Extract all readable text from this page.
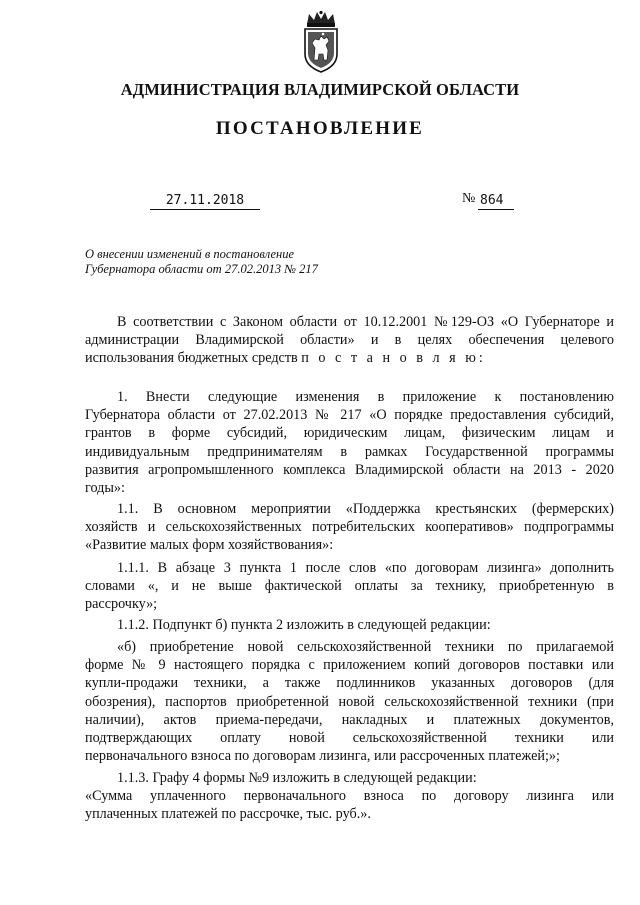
АДМИНИСТРАЦИЯ ВЛАДИМИРСКОЙ ОБЛАСТИ
ПОСТАНОВЛЕНИЕ
27.11.2018	№ 864
О внесении изменений в постановление
Губернатора области от 27.02.2013 № 217
В соответствии с Законом области от 10.12.2001 №129-ОЗ «О Губернаторе и
администрации Владимирской области» и в целях обеспечения целевого
использования бюджетных средств п о с т а н о в л я ю:
1. Внести следующие изменения в приложение к постановлению
Губернатора области от 27.02.2013 № 217 «О порядке предоставления субсидий,
грантов в форме субсидий, юридическим лицам, физическим лицам и
индивидуальным предпринимателям в рамках Государственной программы
развития агропромышленного комплекса Владимирской области на 2013 - 2020
годы»:
1.1. В основном мероприятии «Поддержка крестьянских (фермерских)
хозяйств и сельскохозяйственных потребительских кооперативов» подпрограммы
«Развитие малых форм хозяйствования»:
1.1.1. В абзаце 3 пункта 1 после слов «по договорам лизинга» дополнить
словами «, и не выше фактической оплаты за технику, приобретенную в
рассрочку»;
1.1.2. Подпункт б) пункта 2 изложить в следующей редакции:
«б) приобретение новой сельскохозяйственной техники по прилагаемой
форме № 9 настоящего порядка с приложением копий договоров поставки или
купли-продажи техники, а также подлинников указанных договоров (для
обозрения), паспортов приобретенной новой сельскохозяйственной техники (при
наличии), актов приема-передачи, накладных и платежных документов,
подтверждающих оплату новой сельскохозяйственной техники или
первоначального взноса по договорам лизинга, или рассроченных платежей;»;
1.1.3. Графу 4 формы №9 изложить в следующей редакции:
«Сумма уплаченного первоначального взноса по договору лизинга или
уплаченных платежей по рассрочке, тыс. руб.».
